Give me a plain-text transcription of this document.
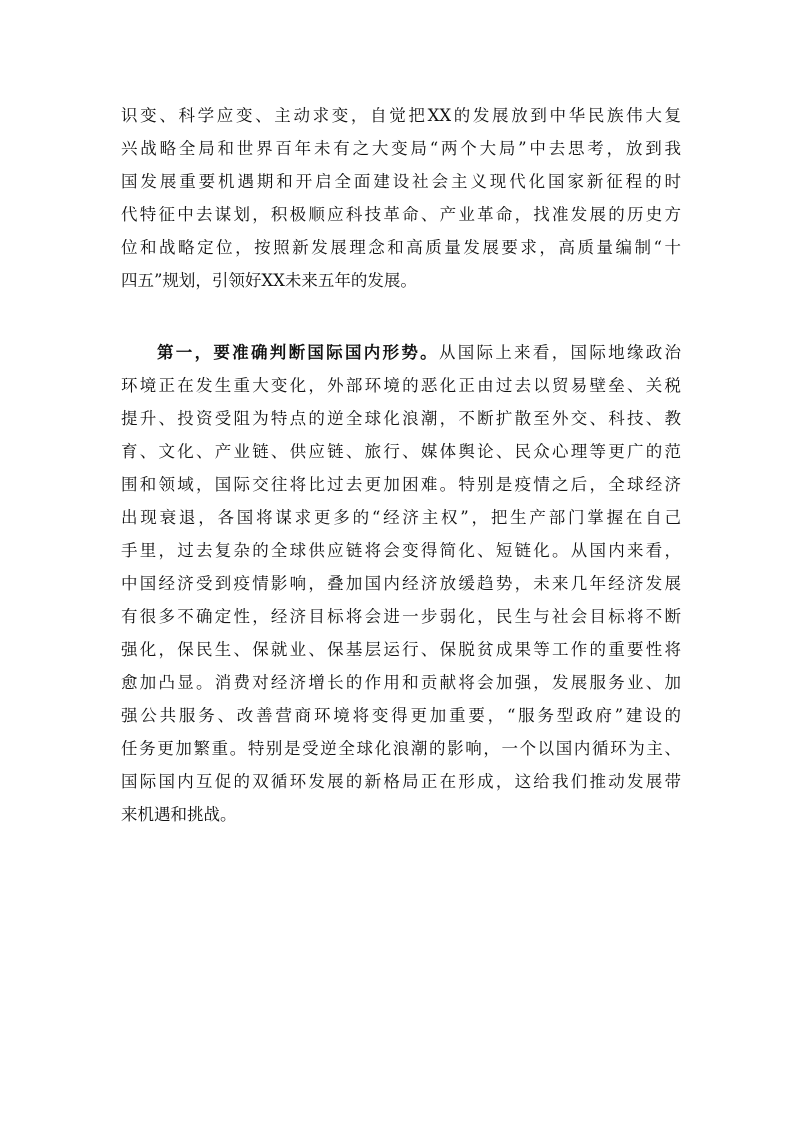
识变、科学应变、主动求变，自觉把XX的发展放到中华民族伟大复
兴战略全局和世界百年未有之大变局“两个大局”中去思考，放到我
国发展重要机遇期和开启全面建设社会主义现代化国家新征程的时
代特征中去谋划，积极顺应科技革命、产业革命，找准发展的历史方
位和战略定位，按照新发展理念和高质量发展要求，高质量编制“十
四五”规划，引领好XX未来五年的发展。
第一，要准确判断国际国内形势。从国际上来看，国际地缘政治
环境正在发生重大变化，外部环境的恶化正由过去以贸易壁垒、关税
提升、投资受阻为特点的逆全球化浪潮，不断扩散至外交、科技、教
育、文化、产业链、供应链、旅行、媒体舆论、民众心理等更广的范
围和领域，国际交往将比过去更加困难。特别是疫情之后，全球经济
出现衰退，各国将谋求更多的“经济主权”，把生产部门掌握在自己
手里，过去复杂的全球供应链将会变得简化、短链化。从国内来看，
中国经济受到疫情影响，叠加国内经济放缓趋势，未来几年经济发展
有很多不确定性，经济目标将会进一步弱化，民生与社会目标将不断
强化，保民生、保就业、保基层运行、保脱贫成果等工作的重要性将
愈加凸显。消费对经济增长的作用和贡献将会加强，发展服务业、加
强公共服务、改善营商环境将变得更加重要，“服务型政府”建设的
任务更加繁重。特别是受逆全球化浪潮的影响，一个以国内循环为主、
国际国内互促的双循环发展的新格局正在形成，这给我们推动发展带
来机遇和挑战。
